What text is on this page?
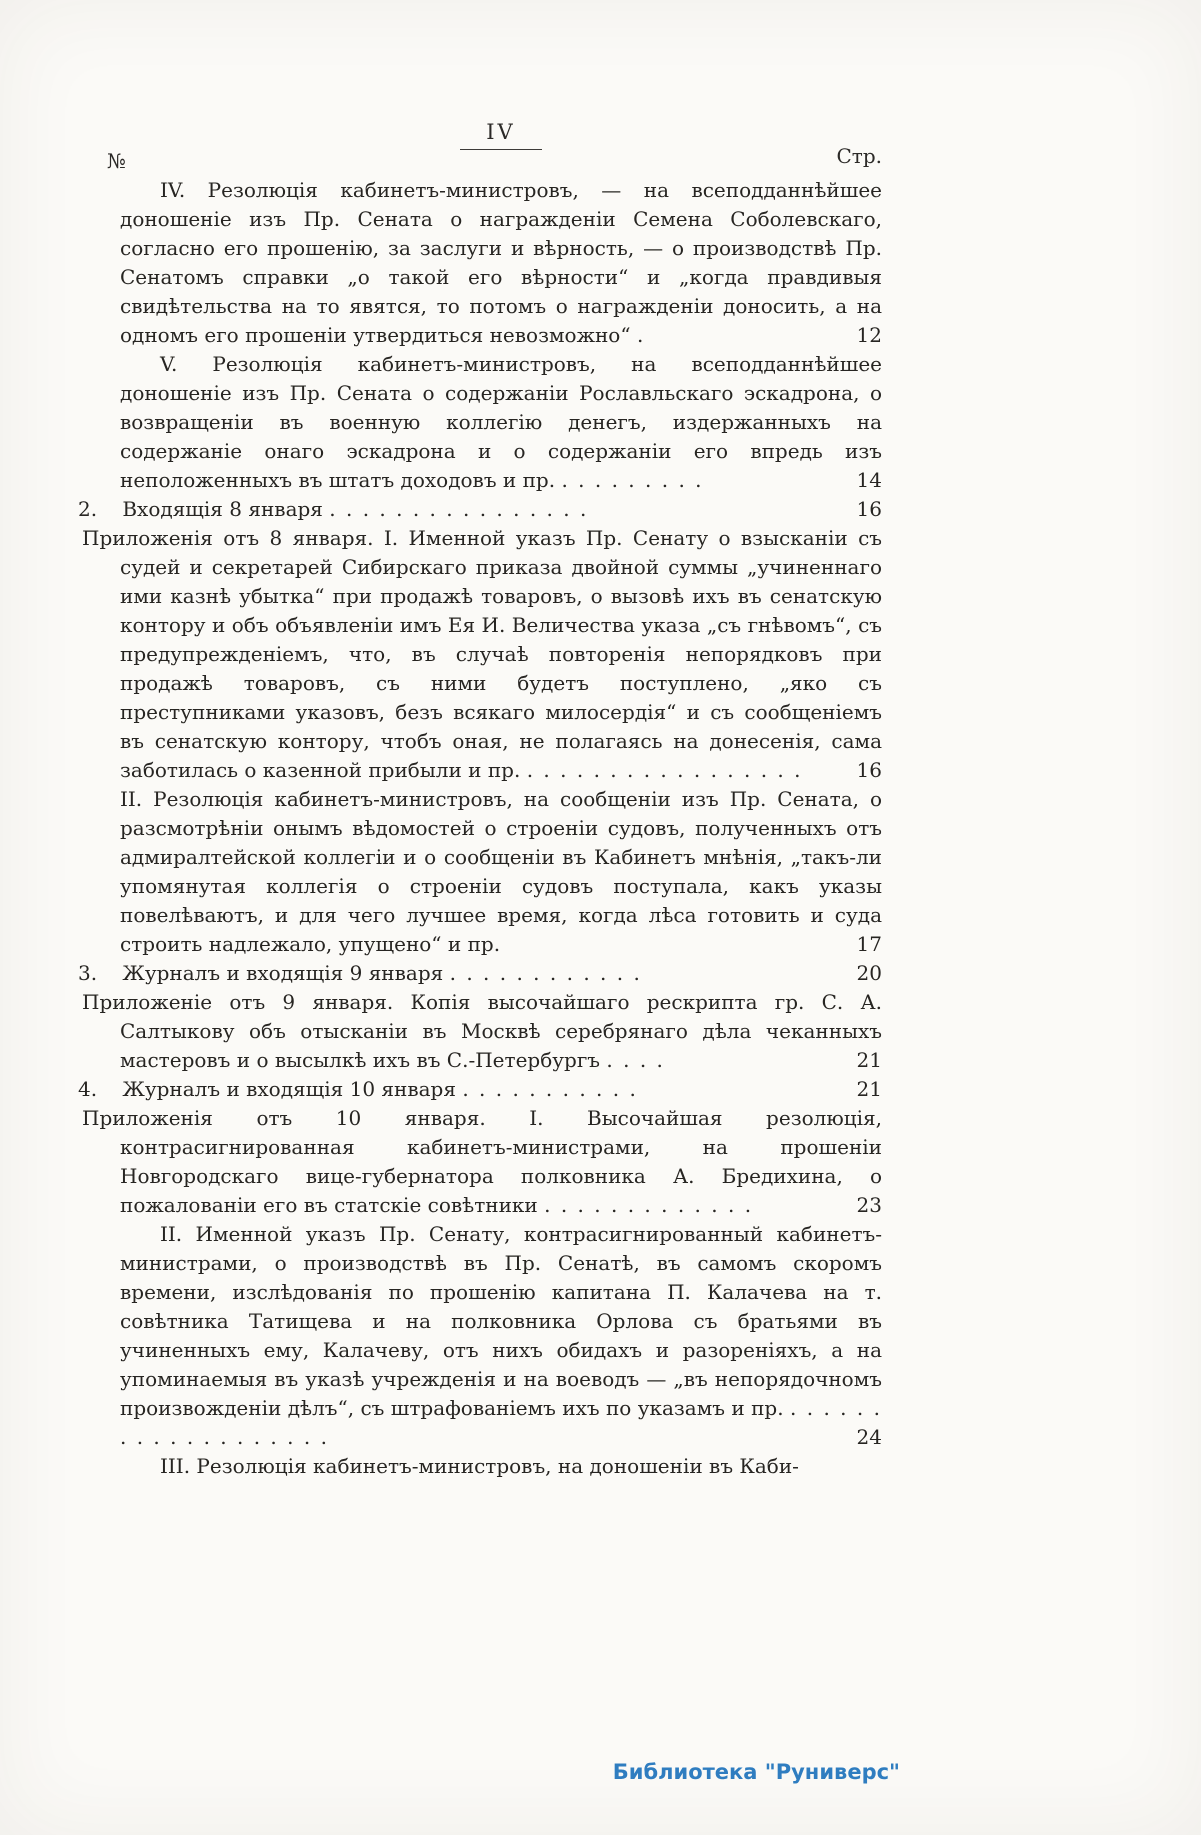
IV
№	Стр.

IV. Резолюція кабинетъ-министровъ, — на всеподданнѣйшее доношеніе изъ Пр. Сената о награжденіи Семена Соболевскаго, согласно его прошенію, за заслуги и вѣрность, — о производствѣ Пр. Сенатомъ справки „о такой его вѣрности“ и „когда правдивыя свидѣтельства на то явятся, то потомъ о награжденіи доносить, а на одномъ его прошеніи утвердиться невозможно“ .	12

V. Резолюція кабинетъ-министровъ, на всеподданнѣйшее доношеніе изъ Пр. Сената о содержаніи Рославльскаго эскадрона, о возвращеніи въ военную коллегію денегъ, издержанныхъ на содержаніе онаго эскадрона и о содержаніи его впредь изъ неположенныхъ въ штатъ доходовъ и пр. . . . . . . . . .	14

2. Входящія 8 января . . . . . . . . . . . . . . . .	16

Приложенія отъ 8 января. I. Именной указъ Пр. Сенату о взысканіи съ судей и секретарей Сибирскаго приказа двойной суммы „учиненнаго ими казнѣ убытка“ при продажѣ товаровъ, о вызовѣ ихъ въ сенатскую контору и объ объявленіи имъ Ея И. Величества указа „съ гнѣвомъ“, съ предупрежденіемъ, что, въ случаѣ повторенія непорядковъ при продажѣ товаровъ, съ ними будетъ поступлено, „яко съ преступниками указовъ, безъ всякаго милосердія“ и съ сообщеніемъ въ сенатскую контору, чтобъ оная, не полагаясь на донесенія, сама заботилась о казенной прибыли и пр. . . . . . . . . . . . . . . . . .	16

II. Резолюція кабинетъ-министровъ, на сообщеніи изъ Пр. Сената, о разсмотрѣніи онымъ вѣдомостей о строеніи судовъ, полученныхъ отъ адмиралтейской коллегіи и о сообщеніи въ Кабинетъ мнѣнія, „такъ-ли упомянутая коллегія о строеніи судовъ поступала, какъ указы повелѣваютъ, и для чего лучшее время, когда лѣса готовить и суда строить надлежало, упущено“ и пр.	17

3. Журналъ и входящія 9 января . . . . . . . . . . . .	20

Приложеніе отъ 9 января. Копія высочайшаго рескрипта гр. С. А. Салтыкову объ отысканіи въ Москвѣ серебрянаго дѣла чеканныхъ мастеровъ и о высылкѣ ихъ въ С.-Петербургъ . . . .	21

4. Журналъ и входящія 10 января . . . . . . . . . . .	21

Приложенія отъ 10 января. I. Высочайшая резолюція, контрасигнированная кабинетъ-министрами, на прошеніи Новгородскаго вице-губернатора полковника А. Бредихина, о пожалованіи его въ статскіе совѣтники . . . . . . . . . . . . .	23

II. Именной указъ Пр. Сенату, контрасигнированный кабинетъ-министрами, о производствѣ въ Пр. Сенатѣ, въ самомъ скоромъ времени, изслѣдованія по прошенію капитана П. Калачева на т. совѣтника Татищева и на полковника Орлова съ братьями въ учиненныхъ ему, Калачеву, отъ нихъ обидахъ и разореніяхъ, а на упоминаемыя въ указѣ учрежденія и на воеводъ — „въ непорядочномъ произвожденіи дѣлъ“, съ штрафованіемъ ихъ по указамъ и пр. . . . . . . . . . . . . . . . . . . .	24

III. Резолюція кабинетъ-министровъ, на доношеніи въ Каби-

Библиотека "Руниверс"
